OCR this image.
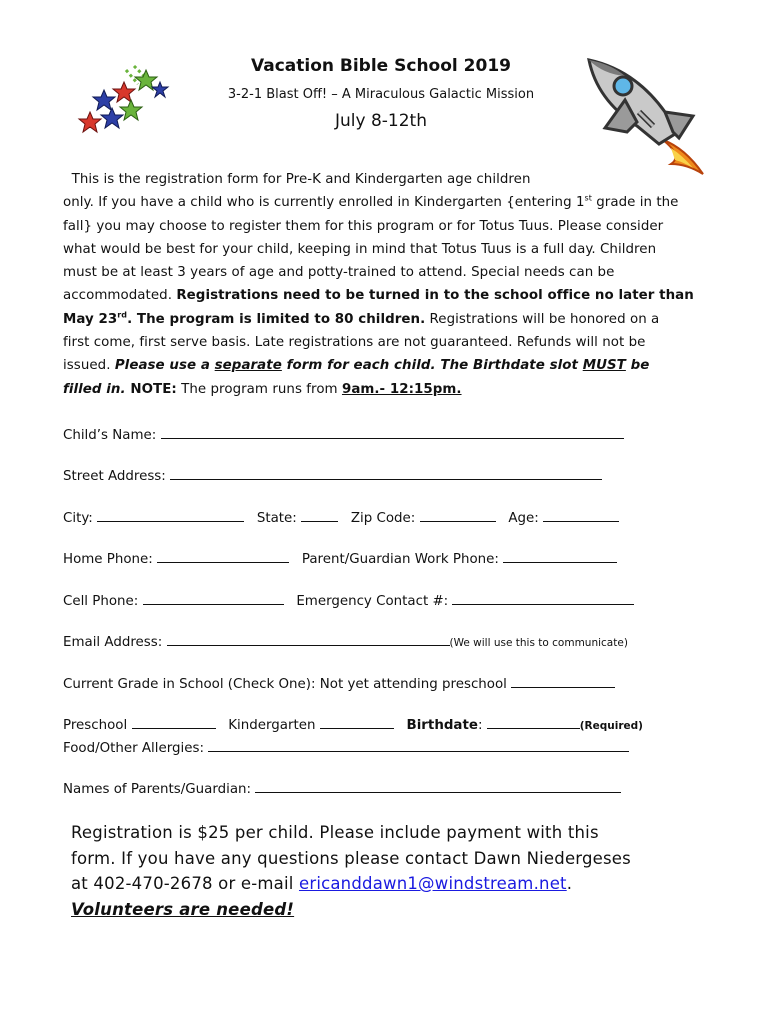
Vacation Bible School 2019
3-2-1 Blast Off! – A Miraculous Galactic Mission
July 8-12th
This is the registration form for Pre-K and Kindergarten age children
only. If you have a child who is currently enrolled in Kindergarten {entering 1st grade in the
fall} you may choose to register them for this program or for Totus Tuus. Please consider
what would be best for your child, keeping in mind that Totus Tuus is a full day. Children
must be at least 3 years of age and potty-trained to attend. Special needs can be
accommodated. Registrations need to be turned in to the school office no later than
May 23rd. The program is limited to 80 children. Registrations will be honored on a
first come, first serve basis. Late registrations are not guaranteed. Refunds will not be
issued. Please use a separate form for each child. The Birthdate slot MUST be
filled in. NOTE: The program runs from 9am.- 12:15pm.
Child’s Name:
Street Address:
City:	State:	Zip Code:	Age:
Home Phone:	Parent/Guardian Work Phone:
Cell Phone:	Emergency Contact #:
Email Address:	(We will use this to communicate)
Current Grade in School (Check One): Not yet attending preschool
Preschool	Kindergarten	Birthdate:	(Required)
Food/Other Allergies:
Names of Parents/Guardian:
Registration is $25 per child. Please include payment with this
form. If you have any questions please contact Dawn Niedergeses
at 402-470-2678 or e-mail ericanddawn1@windstream.net.
Volunteers are needed!
